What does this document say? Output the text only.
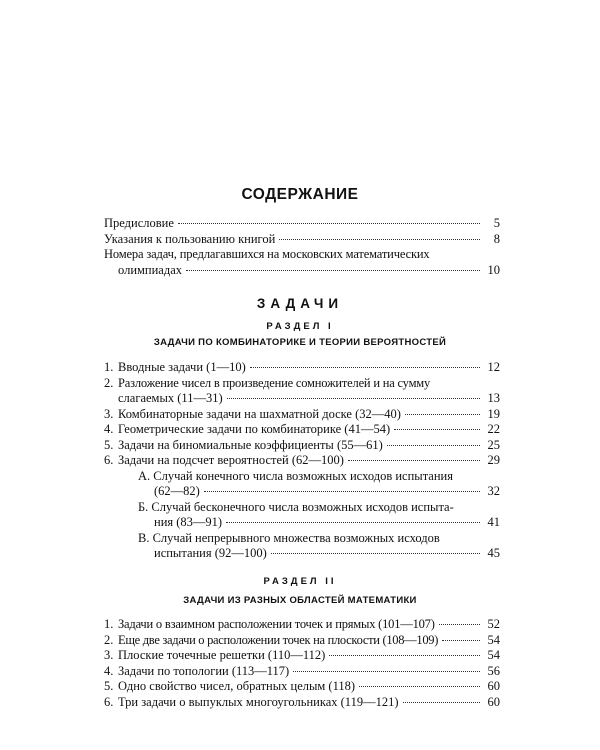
СОДЕРЖАНИЕ
Предисловие	5
Указания к пользованию книгой	8
Номера задач, предлагавшихся на московских математических
олимпиадах	10
ЗАДАЧИ
РАЗДЕЛ I
ЗАДАЧИ ПО КОМБИНАТОРИКЕ И ТЕОРИИ ВЕРОЯТНОСТЕЙ
1. Вводные задачи (1—10)	12
2. Разложение чисел в произведение сомножителей и на сумму
слагаемых (11—31)	13
3. Комбинаторные задачи на шахматной доске (32—40)	19
4. Геометрические задачи по комбинаторике (41—54)	22
5. Задачи на биномиальные коэффициенты (55—61)	25
6. Задачи на подсчет вероятностей (62—100)	29
А. Случай конечного числа возможных исходов испытания
(62—82)	32
Б. Случай бесконечного числа возможных исходов испыта-
ния (83—91)	41
В. Случай непрерывного множества возможных исходов
испытания (92—100)	45
РАЗДЕЛ II
ЗАДАЧИ ИЗ РАЗНЫХ ОБЛАСТЕЙ МАТЕМАТИКИ
1. Задачи о взаимном расположении точек и прямых (101—107)	52
2. Еще две задачи о расположении точек на плоскости (108—109)	54
3. Плоские точечные решетки (110—112)	54
4. Задачи по топологии (113—117)	56
5. Одно свойство чисел, обратных целым (118)	60
6. Три задачи о выпуклых многоугольниках (119—121)	60
